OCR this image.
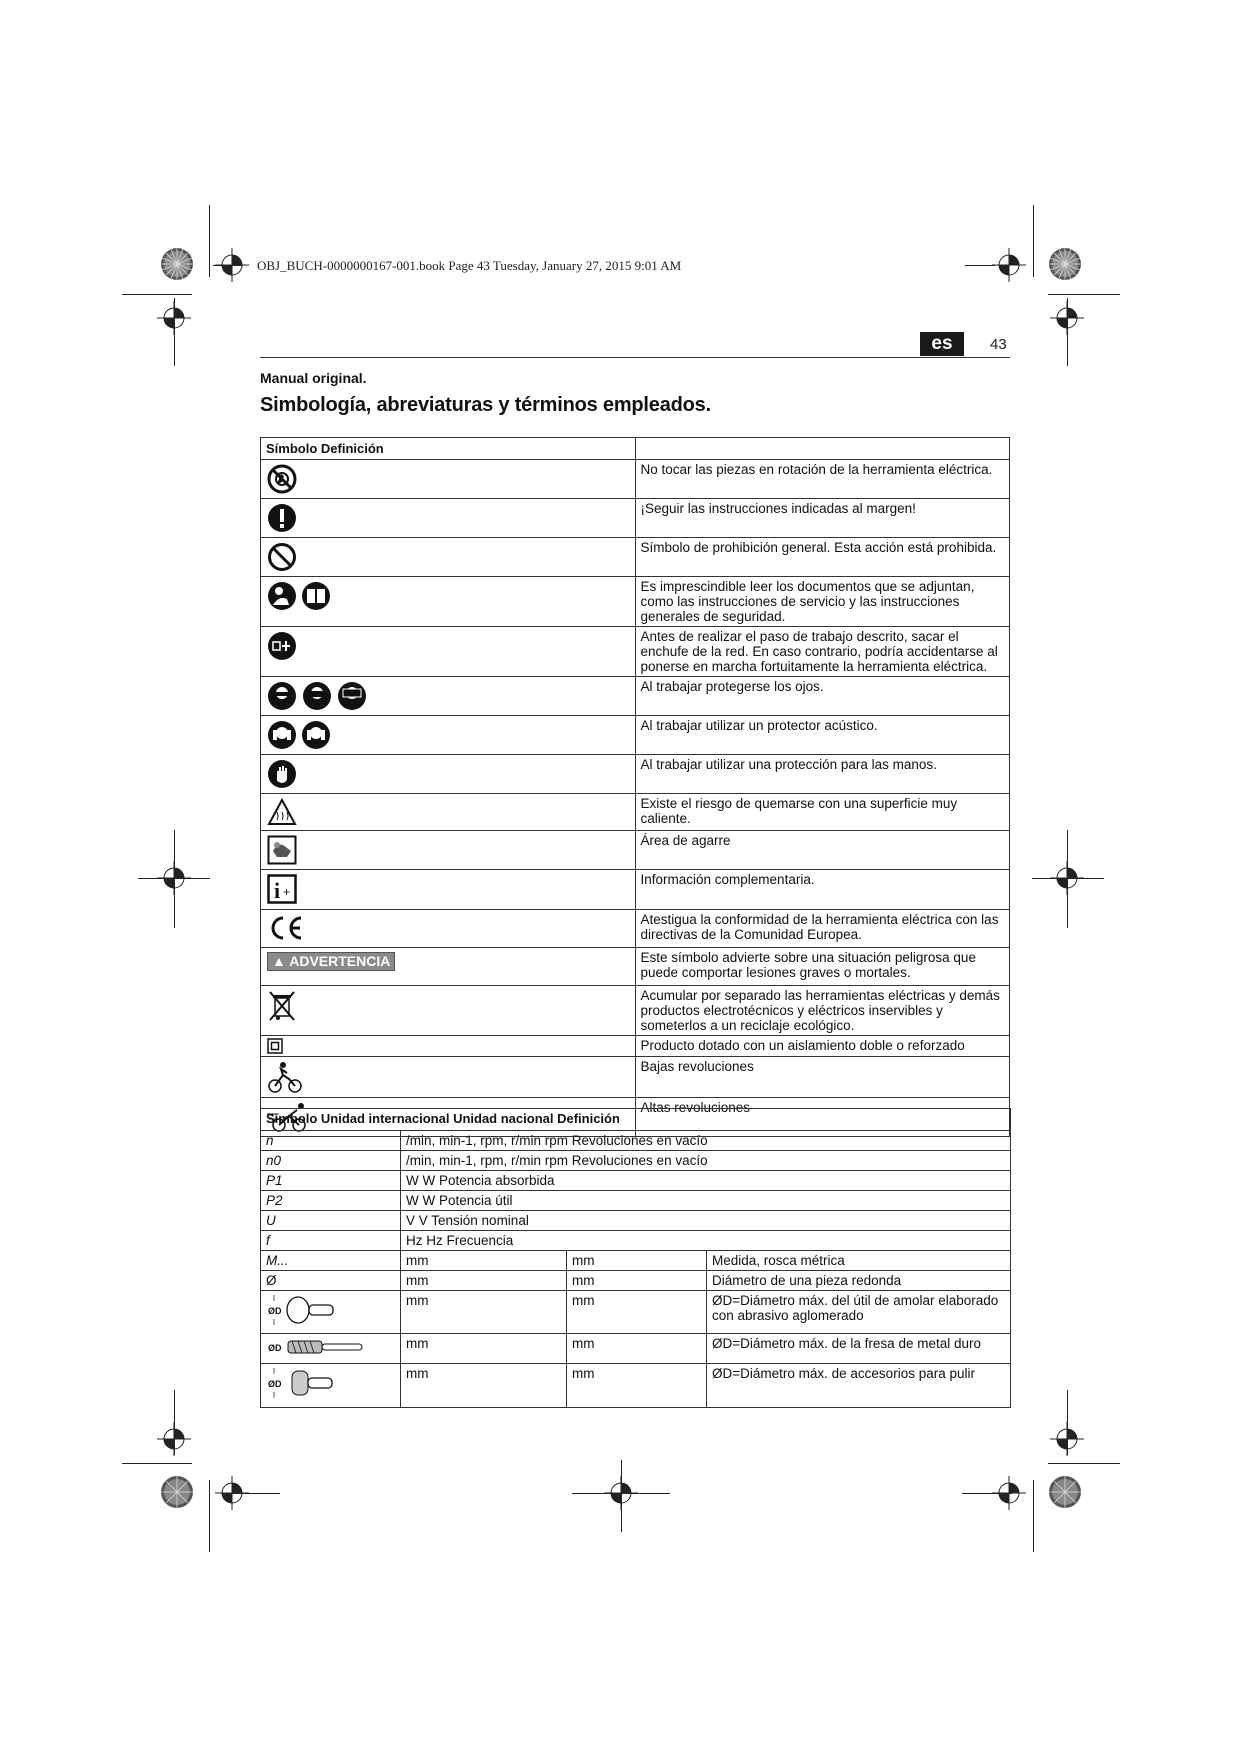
OBJ_BUCH-0000000167-001.book Page 43 Tuesday, January 27, 2015 9:01 AM
es	43
Manual original.
Simbología, abreviaturas y términos empleados.
Símbolo Definición	
	No tocar las piezas en rotación de la herramienta eléctrica.
	¡Seguir las instrucciones indicadas al margen!
	Símbolo de prohibición general. Esta acción está prohibida.
	Es imprescindible leer los documentos que se adjuntan, como las instrucciones de servicio y las instrucciones generales de seguridad.
	Antes de realizar el paso de trabajo descrito, sacar el enchufe de la red. En caso contrario, podría accidentarse al ponerse en marcha fortuitamente la herramienta eléctrica.
	Al trabajar protegerse los ojos.
	Al trabajar utilizar un protector acústico.
	Al trabajar utilizar una protección para las manos.
	Existe el riesgo de quemarse con una superficie muy caliente.
	Área de agarre

i +	Información complementaria.
	Atestigua la conformidad de la herramienta eléctrica con las directivas de la Comunidad Europea.
▲ ADVERTENCIA	Este símbolo advierte sobre una situación peligrosa que puede comportar lesiones graves o mortales.
	Acumular por separado las herramientas eléctricas y demás productos electrotécnicos y eléctricos inservibles y someterlos a un reciclaje ecológico.
	Producto dotado con un aislamiento doble o reforzado
	Bajas revoluciones
	Altas revoluciones
Símbolo Unidad internacional Unidad nacional Definición			
n	/min, min-1, rpm, r/min rpm Revoluciones en vacío		
n0	/min, min-1, rpm, r/min rpm Revoluciones en vacío		
P1	W W Potencia absorbida		
P2	W W Potencia útil		
U	V V Tensión nominal		
f	Hz Hz Frecuencia		
M...	mm	mm	Medida, rosca métrica
Ø	mm	mm	Diámetro de una pieza redonda

ØD	mm	mm	ØD=Diámetro máx. del útil de amolar elaborado con abrasivo aglomerado

ØD	mm	mm	ØD=Diámetro máx. de la fresa de metal duro

ØD	mm	mm	ØD=Diámetro máx. de accesorios para pulir
